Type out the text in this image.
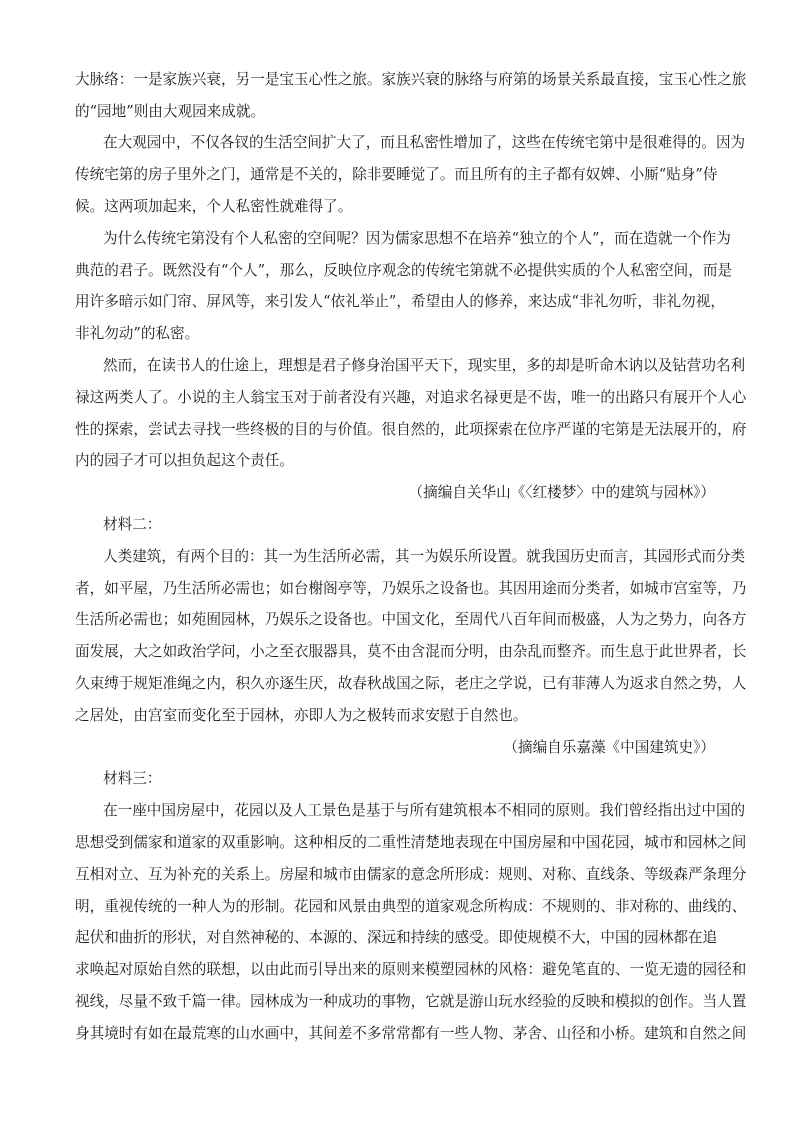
大脉络：一是家族兴衰，另一是宝玉心性之旅。家族兴衰的脉络与府第的场景关系最直接，宝玉心性之旅
的“园地”则由大观园来成就。
在大观园中，不仅各钗的生活空间扩大了，而且私密性增加了，这些在传统宅第中是很难得的。因为
传统宅第的房子里外之门，通常是不关的，除非要睡觉了。而且所有的主子都有奴婢、小厮“贴身”侍
候。这两项加起来，个人私密性就难得了。
为什么传统宅第没有个人私密的空间呢？因为儒家思想不在培养“独立的个人”，而在造就一个作为
典范的君子。既然没有“个人”，那么，反映位序观念的传统宅第就不必提供实质的个人私密空间，而是
用许多暗示如门帘、屏风等，来引发人“依礼举止”，希望由人的修养，来达成“非礼勿听，非礼勿视，
非礼勿动”的私密。
然而，在读书人的仕途上，理想是君子修身治国平天下，现实里，多的却是听命木讷以及钻营功名利
禄这两类人了。小说的主人翁宝玉对于前者没有兴趣，对追求名禄更是不齿，唯一的出路只有展开个人心
性的探索，尝试去寻找一些终极的目的与价值。很自然的，此项探索在位序严谨的宅第是无法展开的，府
内的园子才可以担负起这个责任。
（摘编自关华山《〈红楼梦〉中的建筑与园林》）
材料二：
人类建筑，有两个目的：其一为生活所必需，其一为娱乐所设置。就我国历史而言，其园形式而分类
者，如平屋，乃生活所必需也；如台榭阁亭等，乃娱乐之设备也。其因用途而分类者，如城市宫室等，乃
生活所必需也；如苑囿园林，乃娱乐之设备也。中国文化，至周代八百年间而极盛，人为之势力，向各方
面发展，大之如政治学问，小之至衣服器具，莫不由含混而分明，由杂乱而整齐。而生息于此世界者，长
久束缚于规矩准绳之内，积久亦逐生厌，故春秋战国之际，老庄之学说，已有菲薄人为返求自然之势，人
之居处，由宫室而变化至于园林，亦即人为之极转而求安慰于自然也。
（摘编自乐嘉藻《中国建筑史》）
材料三：
在一座中国房屋中，花园以及人工景色是基于与所有建筑根本不相同的原则。我们曾经指出过中国的
思想受到儒家和道家的双重影响。这种相反的二重性清楚地表现在中国房屋和中国花园，城市和园林之间
互相对立、互为补充的关系上。房屋和城市由儒家的意念所形成：规则、对称、直线条、等级森严条理分
明，重视传统的一种人为的形制。花园和风景由典型的道家观念所构成：不规则的、非对称的、曲线的、
起伏和曲折的形状，对自然神秘的、本源的、深远和持续的感受。即使规模不大，中国的园林都在追
求唤起对原始自然的联想，以由此而引导出来的原则来模塑园林的风格：避免笔直的、一览无遗的园径和
视线，尽量不致千篇一律。园林成为一种成功的事物，它就是游山玩水经验的反映和模拟的创作。当人置
身其境时有如在最荒寒的山水画中，其间差不多常常都有一些人物、茅舍、山径和小桥。建筑和自然之间
